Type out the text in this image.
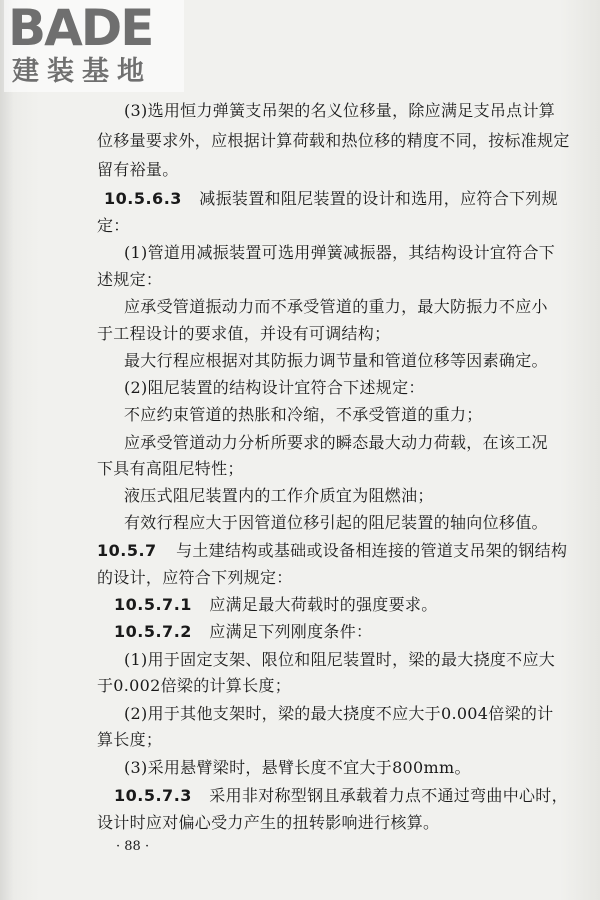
BADE
建装基地
(3)选用恒力弹簧支吊架的名义位移量，除应满足支吊点计算
位移量要求外，应根据计算荷载和热位移的精度不同，按标准规定
留有裕量。
10.5.6.3 减振装置和阻尼装置的设计和选用，应符合下列规
定：
(1)管道用减振装置可选用弹簧减振器，其结构设计宜符合下
述规定：
应承受管道振动力而不承受管道的重力，最大防振力不应小
于工程设计的要求值，并设有可调结构；
最大行程应根据对其防振力调节量和管道位移等因素确定。
(2)阻尼装置的结构设计宜符合下述规定：
不应约束管道的热胀和冷缩，不承受管道的重力；
应承受管道动力分析所要求的瞬态最大动力荷载，在该工况
下具有高阻尼特性；
液压式阻尼装置内的工作介质宜为阻燃油；
有效行程应大于因管道位移引起的阻尼装置的轴向位移值。
10.5.7 与土建结构或基础或设备相连接的管道支吊架的钢结构
的设计，应符合下列规定：
10.5.7.1 应满足最大荷载时的强度要求。
10.5.7.2 应满足下列刚度条件：
(1)用于固定支架、限位和阻尼装置时，梁的最大挠度不应大
于0.002倍梁的计算长度；
(2)用于其他支架时，梁的最大挠度不应大于0.004倍梁的计
算长度；
(3)采用悬臂梁时，悬臂长度不宜大于800mm。
10.5.7.3 采用非对称型钢且承载着力点不通过弯曲中心时，
设计时应对偏心受力产生的扭转影响进行核算。
· 88 ·
